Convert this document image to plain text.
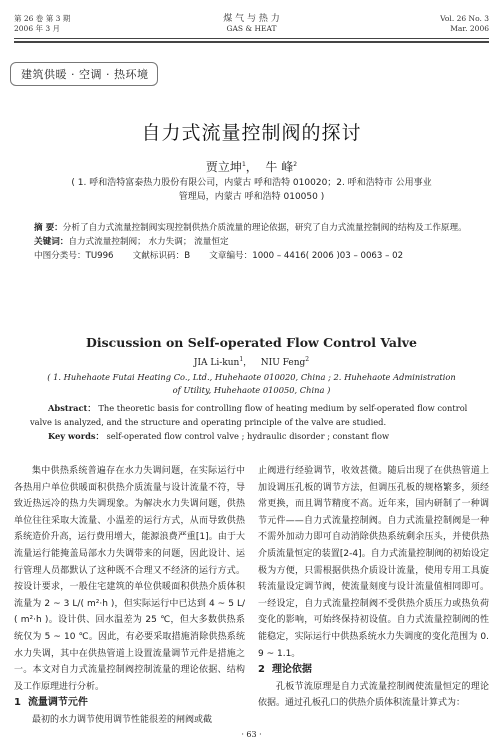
第 26 卷 第 3 期
2006 年 3 月
煤 气 与 热 力
GAS & HEAT
Vol. 26 No. 3
Mar. 2006
建筑供暖 · 空调 · 热环境
自力式流量控制阀的探讨
贾立坤$^1$， 牛 峰$^2$
( 1. 呼和浩特富泰热力股份有限公司，内蒙古 呼和浩特 010020；2. 呼和浩特市 公用事业
管理局，内蒙古 呼和浩特 010050 )

摘 要：分析了自力式流量控制阀实现控制供热介质流量的理论依据，研究了自力式流量控制阀的结构及工作原理。

关键词：自力式流量控制阀； 水力失调； 流量恒定

中图分类号：TU996 文献标识码：B 文章编号：1000 – 4416( 2006 )03 – 0063 – 02

Discussion on Self-operated Flow Control Valve
JIA Li-kun$^1$， NIU Feng$^2$
( 1. Huhehaote Futai Heating Co., Ltd., Huhehaote 010020, China ; 2. Huhehaote Administration
of Utility, Huhehaote 010050, China )

Abstract： The theoretic basis for controlling flow of heating medium by self-operated flow control valve is analyzed, and the structure and operating principle of the valve are studied.

Key words： self-operated flow control valve ; hydraulic disorder ; constant flow

集中供热系统普遍存在水力失调问题，在实际运行中各热用户单位供暖面积供热介质流量与设计流量不符，导致近热远冷的热力失调现象。为解决水力失调问题，供热单位往往采取大流量、小温差的运行方式，从而导致供热系统造价升高，运行费用增大，能源浪费严重[1]。由于大流量运行能掩盖局部水力失调带来的问题，因此设计、运行管理人员都默认了这种既不合理又不经济的运行方式。按设计要求，一般住宅建筑的单位供暖面积供热介质体积流量为 2 ~ 3 L/( m²·h )，但实际运行中已达到 4 ~ 5 L/( m²·h )。设计供、回水温差为 25 ℃，但大多数供热系统仅为 5 ~ 10 ℃。因此，有必要采取措施消除供热系统水力失调，其中在供热管道上设置流量调节元件是措施之一。本文对自力式流量控制阀控制流量的理论依据、结构及工作原理进行分析。

1 流量调节元件

最初的水力调节使用调节性能很差的闸阀或截

止阀进行经验调节，收效甚微。随后出现了在供热管道上加设调压孔板的调节方法，但调压孔板的规格繁多，须经常更换，而且调节精度不高。近年来，国内研制了一种调节元件——自力式流量控制阀。自力式流量控制阀是一种不需外加动力即可自动消除供热系统剩余压头，并使供热介质流量恒定的装置[2-4]。自力式流量控制阀的初始设定极为方便，只需根据供热介质设计流量，使用专用工具旋转流量设定调节阀，使流量刻度与设计流量值相同即可。一经设定，自力式流量控制阀不受供热介质压力或热负荷变化的影响，可始终保持初设值。自力式流量控制阀的性能稳定，实际运行中供热系统水力失调度的变化范围为 0.9 ~ 1.1。

2 理论依据

孔板节流原理是自力式流量控制阀使流量恒定的理论依据。通过孔板孔口的供热介质体积流量计算式为：

· 63 ·
